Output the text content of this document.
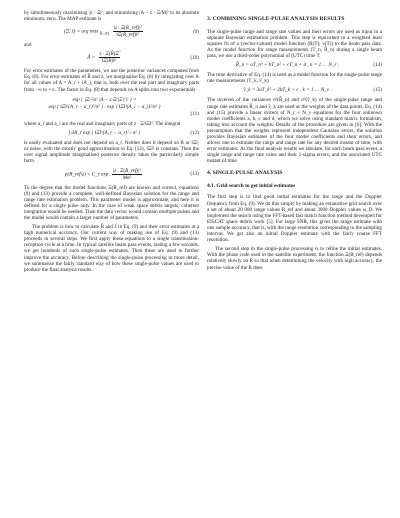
by simultaneously maximising |z · Ξ|², and minimising |A − z · Ξ/M|² to its absolute minimum, zero. The MAP estimate is

(Ξ̂, ẑ) = arg $\max _{R\_ref} \frac{\text{|z · Ξ(R\_ref)|²}}{\text{‖Ξ(R\_ref)‖²}}$	(9)

and

Â = $\frac{z \cdot \Xi(R̂)\Xî}{\text{‖Ξ(R̂)‖²}}$	(10)

For error estimates of the parameters, we use the posterior variances computed from Eq. (8). For error estimates of R̂ and ẑ, we marginalise Eq. (8) by integrating over A for all values of A = A_r + iA_i; that is, both over the real part and imaginary parts from −∞ to +∞. The factor in Eq. (8) that depends on A splits into two exponentials

exp { |Ξ|²/σ² |A − z·Ξ/|Ξ|²|² } =
exp { ‖Ξ‖²(A_r − a_r)²/σ² } · exp { ‖Ξ‖²(A_i − a_i)²/σ² }
(11)

where a_r and a_i are the real and imaginary parts of z · Ξ/‖Ξ‖². The integral

∫ dA_r exp { ‖Ξ‖²(A_r − a_r)² / σ² }	(12)

is easily evaluated and does not depend on a_r. Neither does it depend on R or ‖Ξ‖, or noise, with the mostly good approximation in Eq. (12), ‖Ξ‖² is constant. Then the over signal amplitude marginalised posterior density takes the particularly simple form

p(R_ref|z) = C_r $\exp \frac{\text{|z · Ξ(R\_ref)|²}}{\text{Mσ²}}$	(13)

To the degree that the model functions Ξ(R_ref) are known and correct, equations (9) and (13) provide a complete, well-defined Bayesian solution for the range and range rate estimation problem. This parameter model is approximate, and here it is defined for a single pulse only. In the case of weak space debris targets, coherent integration would be needed. Then the data vector would contain multiple pulses and the model would contain a larger number of parameters.

The problem is how to calculate R̂ and ẑ in Eq. (9) and their error estimates at a high numerical accuracy. Our current way of making use of Eq. (9) and (13) proceeds in several steps. We first apply these equations to a single transmission-reception cycle at a time. In typical satellite beam pass events, lasting a few seconds, we get hundreds of such single-pulse estimates. Then these are used to further improve the accuracy. Before describing the single-pulse processing in more detail, we summarise the fairly standard way of how these single-pulse values are used to produce the final analysis results.

3. COMBINING SINGLE-PULSE ANALYSIS RESULTS

The single-pulse range and range rate values and their errors are used as input in a separate Bayesian estimation problem. This step is equivalent to a weighted least squares fit of a (vector-valued) model function (R(T), v(T)) to the beam pass data. As the model function for range measurements (T_n, R̂_n) during a single beam pass, we use a third-order polynomial of (UTC) time T,

R̂_n = aT_n³ + bT_n² + cT_n + d , n = 1 … N_r .	(14)

The time derivative of Eq. (14) is used as a model function for the single-pulse range rate measurements (T_k, v̂_k)

v̂_k = 3aT_k² + 2bT_k + c , k = 1 … N_v .	(15)

The inverses of the variances σ²(R̂_n) and σ²(v̂_k) of the single-pulse range and range rate estimates R̂_n and v̂_k are used as the weights of the data points. Eq. (14) and (15) provide a linear system of N_r + N_v equations for the four unknown model coefficients a, b, c and d, which we solve using standard matrix formalism, taking into account the weights. Details of the procedure are given in [6]. With the presumption that the weights represent independent Gaussian errors, the solution provides Bayesian estimates of the four model coefficients and their errors, and allows one to estimate the range and range rate for any desired instant of time, with error estimates. As the final analysis results we tabulate, for each beam pass event, a single range and range rate value and their 1-sigma errors, and the associated UTC instant of time.

4. SINGLE-PULSE ANALYSIS
4.1. Grid search to get initial estimates

The first step is to find good initial estimates for the range and the Doppler frequency from Eq. (9). We do this simply by making an exhaustive grid search over a set of about 20 000 range values R_ref and about 3000 Doppler values ω_D. We implement the search using the FFT-based fast match function method developed for EISCAT space debris work [5]. For large SNR, this gives the range estimate with one sample accuracy, that is, with the range resolution corresponding to the sampling interval. We get also an initial Doppler estimate with the fairly coarse FFT resolution.

The second step in the single-pulse processing is to refine the initial estimates. With the phase code used in the satellite experiment, the function Ξ(R_ref) depends relatively slowly on R so that when determining the velocity with high accuracy, the precise value of the R does
